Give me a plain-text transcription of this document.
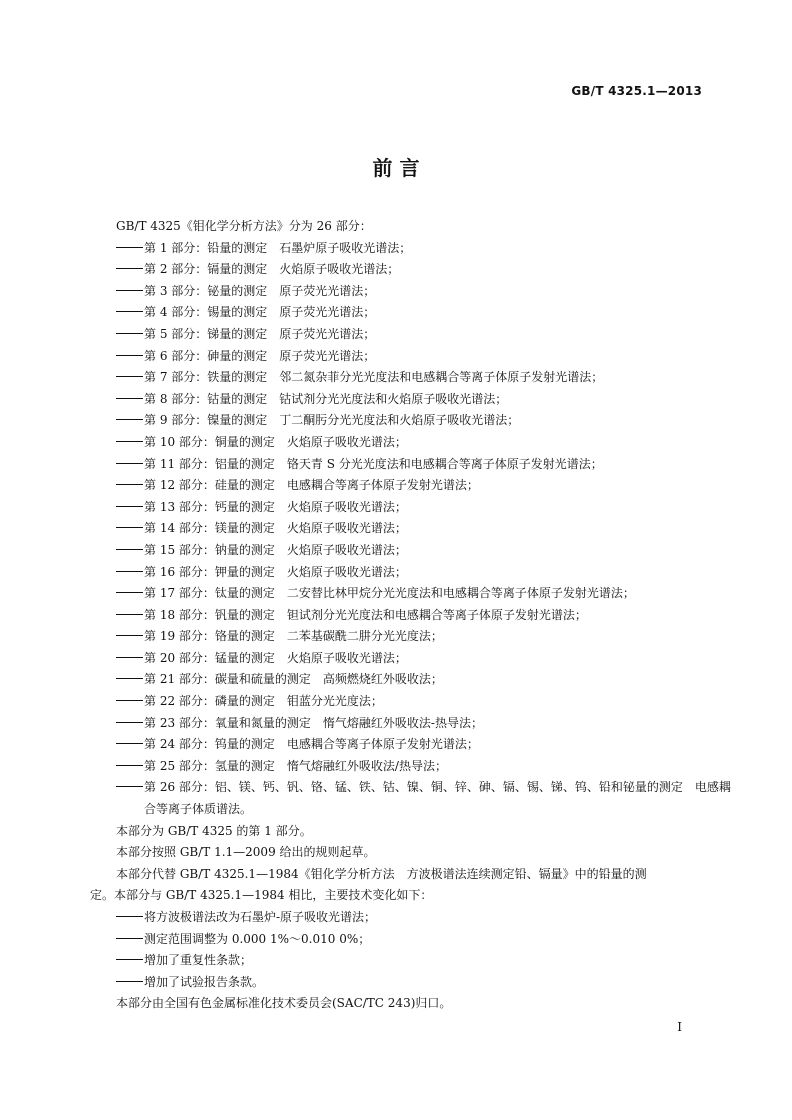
GB/T 4325.1—2013
前 言
GB/T 4325《钼化学分析方法》分为 26 部分：
第 1 部分：铅量的测定　石墨炉原子吸收光谱法；
第 2 部分：镉量的测定　火焰原子吸收光谱法；
第 3 部分：铋量的测定　原子荧光光谱法；
第 4 部分：锡量的测定　原子荧光光谱法；
第 5 部分：锑量的测定　原子荧光光谱法；
第 6 部分：砷量的测定　原子荧光光谱法；
第 7 部分：铁量的测定　邻二氮杂菲分光光度法和电感耦合等离子体原子发射光谱法；
第 8 部分：钴量的测定　钴试剂分光光度法和火焰原子吸收光谱法；
第 9 部分：镍量的测定　丁二酮肟分光光度法和火焰原子吸收光谱法；
第 10 部分：铜量的测定　火焰原子吸收光谱法；
第 11 部分：铝量的测定　铬天青 S 分光光度法和电感耦合等离子体原子发射光谱法；
第 12 部分：硅量的测定　电感耦合等离子体原子发射光谱法；
第 13 部分：钙量的测定　火焰原子吸收光谱法；
第 14 部分：镁量的测定　火焰原子吸收光谱法；
第 15 部分：钠量的测定　火焰原子吸收光谱法；
第 16 部分：钾量的测定　火焰原子吸收光谱法；
第 17 部分：钛量的测定　二安替比林甲烷分光光度法和电感耦合等离子体原子发射光谱法；
第 18 部分：钒量的测定　钽试剂分光光度法和电感耦合等离子体原子发射光谱法；
第 19 部分：铬量的测定　二苯基碳酰二肼分光光度法；
第 20 部分：锰量的测定　火焰原子吸收光谱法；
第 21 部分：碳量和硫量的测定　高频燃烧红外吸收法；
第 22 部分：磷量的测定　钼蓝分光光度法；
第 23 部分：氧量和氮量的测定　惰气熔融红外吸收法-热导法；
第 24 部分：钨量的测定　电感耦合等离子体原子发射光谱法；
第 25 部分：氢量的测定　惰气熔融红外吸收法/热导法；
第 26 部分：铝、镁、钙、钒、铬、锰、铁、钴、镍、铜、锌、砷、镉、锡、锑、钨、铅和铋量的测定　电感耦
合等离子体质谱法。
本部分为 GB/T 4325 的第 1 部分。
本部分按照 GB/T 1.1—2009 给出的规则起草。
本部分代替 GB/T 4325.1—1984《钼化学分析方法　方波极谱法连续测定铅、镉量》中的铅量的测
定。本部分与 GB/T 4325.1—1984 相比，主要技术变化如下：
将方波极谱法改为石墨炉-原子吸收光谱法；
测定范围调整为 0.000 1%～0.010 0%；
增加了重复性条款；
增加了试验报告条款。
本部分由全国有色金属标准化技术委员会(SAC/TC 243)归口。
I
